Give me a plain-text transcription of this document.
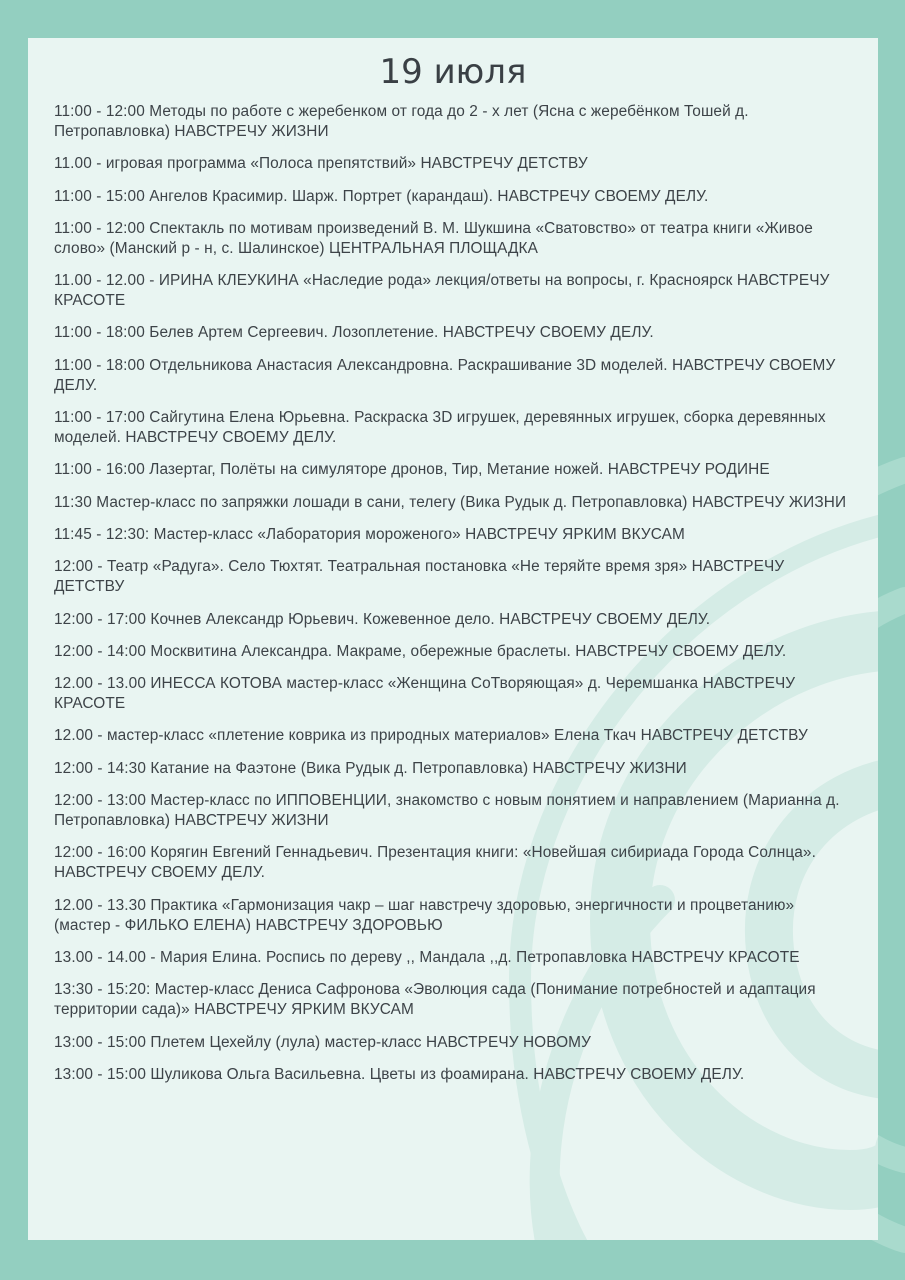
19 июля
11:00 - 12:00 Методы по работе с жеребенком от года до 2 - х лет (Ясна с жеребёнком Тошей д. Петропавловка) НАВСТРЕЧУ ЖИЗНИ
11.00 - игровая программа «Полоса препятствий» НАВСТРЕЧУ ДЕТСТВУ
11:00 - 15:00 Ангелов Красимир. Шарж. Портрет (карандаш). НАВСТРЕЧУ СВОЕМУ ДЕЛУ.
11:00 - 12:00 Спектакль по мотивам произведений В. М. Шукшина «Сватовство» от театра книги «Живое слово» (Манский р - н, с. Шалинское) ЦЕНТРАЛЬНАЯ ПЛОЩАДКА
11.00 - 12.00 - ИРИНА КЛЕУКИНА «Наследие рода» лекция/ответы на вопросы, г. Красноярск НАВСТРЕЧУ КРАСОТЕ
11:00 - 18:00 Белев Артем Сергеевич. Лозоплетение. НАВСТРЕЧУ СВОЕМУ ДЕЛУ.
11:00 - 18:00 Отдельникова Анастасия Александровна. Раскрашивание 3D моделей. НАВСТРЕЧУ СВОЕМУ ДЕЛУ.
11:00 - 17:00 Сайгутина Елена Юрьевна. Раскраска 3D игрушек, деревянных игрушек, сборка деревянных моделей. НАВСТРЕЧУ СВОЕМУ ДЕЛУ.
11:00 - 16:00 Лазертаг, Полёты на симуляторе дронов, Тир, Метание ножей. НАВСТРЕЧУ РОДИНЕ
11:30 Мастер-класс по запряжки лошади в сани, телегу (Вика Рудык д. Петропавловка) НАВСТРЕЧУ ЖИЗНИ
11:45 - 12:30: Мастер-класс «Лаборатория мороженого» НАВСТРЕЧУ ЯРКИМ ВКУСАМ
12:00 - Театр «Радуга». Село Тюхтят. Театральная постановка «Не теряйте время зря» НАВСТРЕЧУ ДЕТСТВУ
12:00 - 17:00 Кочнев Александр Юрьевич. Кожевенное дело. НАВСТРЕЧУ СВОЕМУ ДЕЛУ.
12:00 - 14:00 Москвитина Александра. Макраме, обережные браслеты. НАВСТРЕЧУ СВОЕМУ ДЕЛУ.
12.00 - 13.00 ИНЕССА КОТОВА мастер-класс «Женщина СоТворяющая» д. Черемшанка НАВСТРЕЧУ КРАСОТЕ
12.00 - мастер-класс «плетение коврика из природных материалов» Елена Ткач НАВСТРЕЧУ ДЕТСТВУ
12:00 - 14:30 Катание на Фаэтоне (Вика Рудык д. Петропавловка) НАВСТРЕЧУ ЖИЗНИ
12:00 - 13:00 Мастер-класс по ИППОВЕНЦИИ, знакомство с новым понятием и направлением (Марианна д. Петропавловка) НАВСТРЕЧУ ЖИЗНИ
12:00 - 16:00 Корягин Евгений Геннадьевич. Презентация книги: «Новейшая сибириада Города Солнца». НАВСТРЕЧУ СВОЕМУ ДЕЛУ.
12.00 - 13.30 Практика «Гармонизация чакр – шаг навстречу здоровью, энергичности и процветанию» (мастер - ФИЛЬКО ЕЛЕНА) НАВСТРЕЧУ ЗДОРОВЬЮ
13.00 - 14.00 - Мария Елина. Роспись по дереву ,, Мандала ,,д. Петропавловка НАВСТРЕЧУ КРАСОТЕ
13:30 - 15:20: Мастер-класс Дениса Сафронова «Эволюция сада (Понимание потребностей и адаптация территории сада)» НАВСТРЕЧУ ЯРКИМ ВКУСАМ
13:00 - 15:00 Плетем Цехейлу (лула) мастер-класс НАВСТРЕЧУ НОВОМУ
13:00 - 15:00 Шуликова Ольга Васильевна. Цветы из фоамирана. НАВСТРЕЧУ СВОЕМУ ДЕЛУ.
